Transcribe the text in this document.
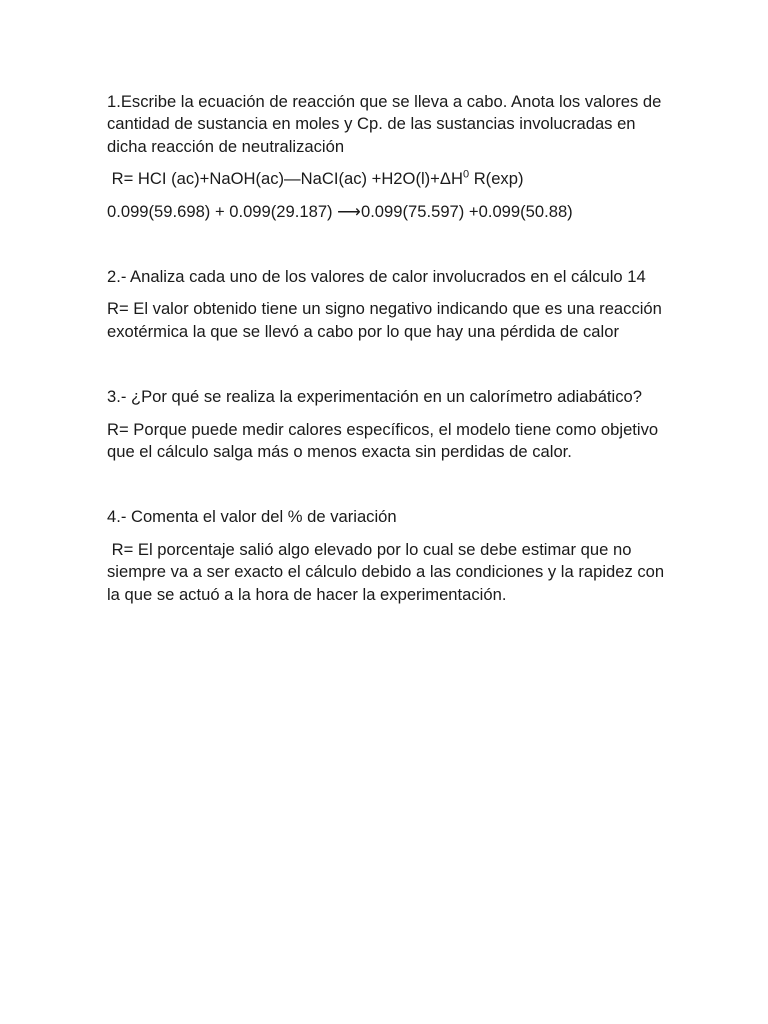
1.Escribe la ecuación de reacción que se lleva a cabo. Anota los valores de cantidad de sustancia en moles y Cp. de las sustancias involucradas en dicha reacción de neutralización

R= HCI (ac)+NaOH(ac)—NaCI(ac) $+H2O(l)+\Delta H^0$ R(exp)

0.099(59.698) + 0.099(29.187) ⟶0.099(75.597) +0.099(50.88)

2.- Analiza cada uno de los valores de calor involucrados en el cálculo 14

R= El valor obtenido tiene un signo negativo indicando que es una reacción exotérmica la que se llevó a cabo por lo que hay una pérdida de calor

3.- ¿Por qué se realiza la experimentación en un calorímetro adiabático?

R= Porque puede medir calores específicos, el modelo tiene como objetivo que el cálculo salga más o menos exacta sin perdidas de calor.

4.- Comenta el valor del % de variación

R= El porcentaje salió algo elevado por lo cual se debe estimar que no siempre va a ser exacto el cálculo debido a las condiciones y la rapidez con la que se actuó a la hora de hacer la experimentación.
